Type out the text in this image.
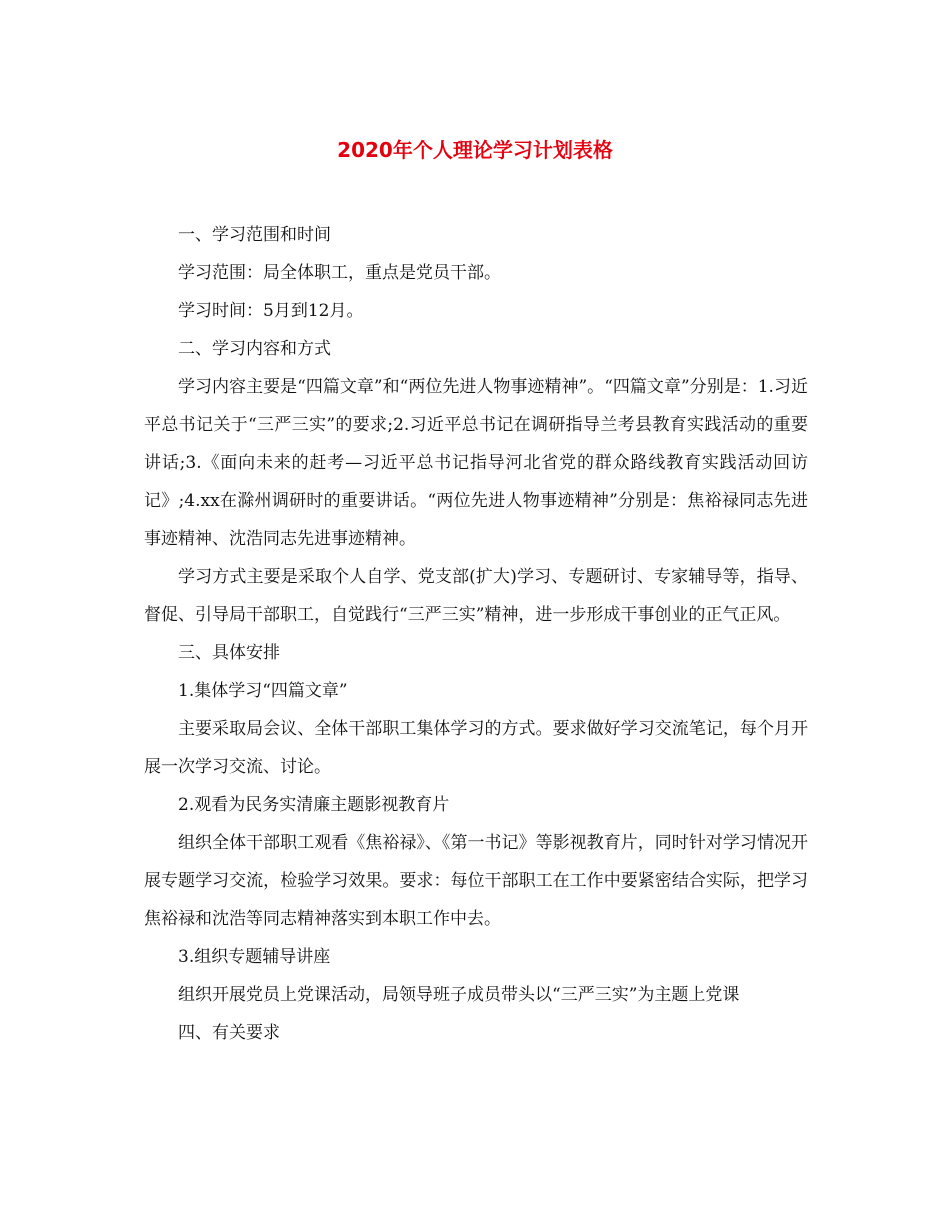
2020年个人理论学习计划表格

一、学习范围和时间

学习范围：局全体职工，重点是党员干部。

学习时间：5月到12月。

二、学习内容和方式

学习内容主要是“四篇文章”和“两位先进人物事迹精神”。“四篇文章”分别是：1.习近平总书记关于“三严三实”的要求;2.习近平总书记在调研指导兰考县教育实践活动的重要讲话;3.《面向未来的赶考—习近平总书记指导河北省党的群众路线教育实践活动回访记》;4.xx在滁州调研时的重要讲话。“两位先进人物事迹精神”分别是：焦裕禄同志先进事迹精神、沈浩同志先进事迹精神。

学习方式主要是采取个人自学、党支部(扩大)学习、专题研讨、专家辅导等，指导、督促、引导局干部职工，自觉践行“三严三实”精神，进一步形成干事创业的正气正风。

三、具体安排

1.集体学习“四篇文章”

主要采取局会议、全体干部职工集体学习的方式。要求做好学习交流笔记，每个月开展一次学习交流、讨论。

2.观看为民务实清廉主题影视教育片

组织全体干部职工观看《焦裕禄》、《第一书记》等影视教育片，同时针对学习情况开展专题学习交流，检验学习效果。要求：每位干部职工在工作中要紧密结合实际，把学习焦裕禄和沈浩等同志精神落实到本职工作中去。

3.组织专题辅导讲座

组织开展党员上党课活动，局领导班子成员带头以“三严三实”为主题上党课

四、有关要求
